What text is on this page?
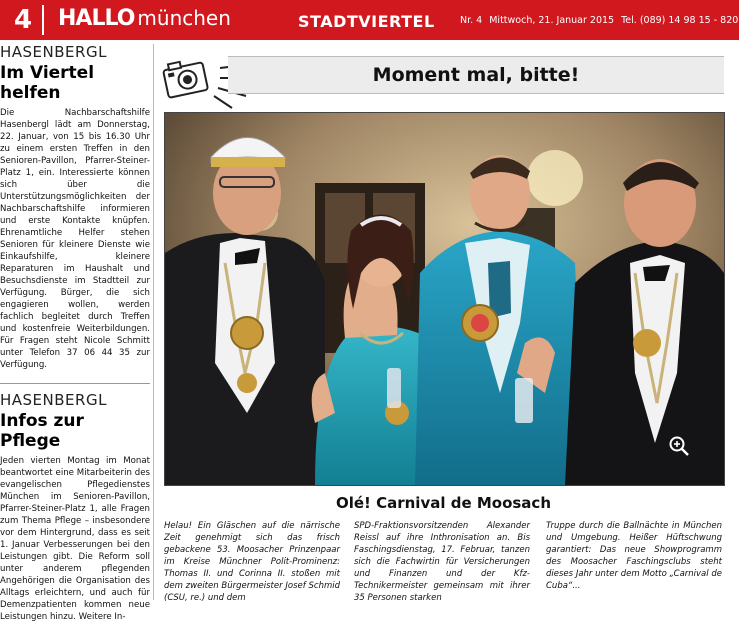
4	HALLO münchen	STADTVIERTEL	Nr. 4 Mittwoch, 21. Januar 2015 Tel. (089) 14 98 15 - 820
HASENBERGL
Im Viertel helfen
Die Nachbarschaftshilfe Hasenbergl lädt am Donnerstag, 22. Januar, von 15 bis 16.30 Uhr zu einem ersten Treffen in den Senioren-Pavillon, Pfarrer-Steiner-Platz 1, ein. Interessierte können sich über die Unterstützungsmöglichkeiten der Nachbarschaftshilfe informieren und erste Kontakte knüpfen. Ehrenamtliche Helfer stehen Senioren für kleinere Dienste wie Einkaufshilfe, kleinere Reparaturen im Haushalt und Besuchsdienste im Stadtteil zur Verfügung. Bürger, die sich engagieren wollen, werden fachlich begleitet durch Treffen und kostenfreie Weiterbildungen. Für Fragen steht Nicole Schmitt unter Telefon 37 06 44 35 zur Verfügung.
HASENBERGL
Infos zur Pflege
Jeden vierten Montag im Monat beantwortet eine Mitarbeiterin des evangelischen Pflegedienstes München im Senioren-Pavillon, Pfarrer-Steiner-Platz 1, alle Fragen zum Thema Pflege – insbesondere vor dem Hintergrund, dass es seit 1. Januar Verbesserungen bei den Leistungen gibt. Die Reform soll unter anderem pflegenden Angehörigen die Organisation des Alltags erleichtern, und auch für Demenzpatienten kommen neue Leistungen hinzu. Weitere In-
Moment mal, bitte!
Olé! Carnival de Moosach
Helau! Ein Gläschen auf die närrische Zeit genehmigt sich das frisch gebackene 53. Moosacher Prinzenpaar im Kreise Münchner Polit-Prominenz: Thomas II. und Corinna II. stoßen mit dem zweiten Bürgermeister Josef Schmid (CSU, re.) und dem
SPD-Fraktionsvorsitzenden Alexander Reissl auf ihre Inthronisation an. Bis Faschingsdienstag, 17. Februar, tanzen sich die Fachwirtin für Versicherungen und Finanzen und der Kfz-Technikermeister gemeinsam mit ihrer 35 Personen starken
Truppe durch die Ballnächte in München und Umgebung. Heißer Hüftschwung garantiert: Das neue Showprogramm des Moosacher Faschingsclubs steht dieses Jahr unter dem Motto „Carnival de Cuba“...
